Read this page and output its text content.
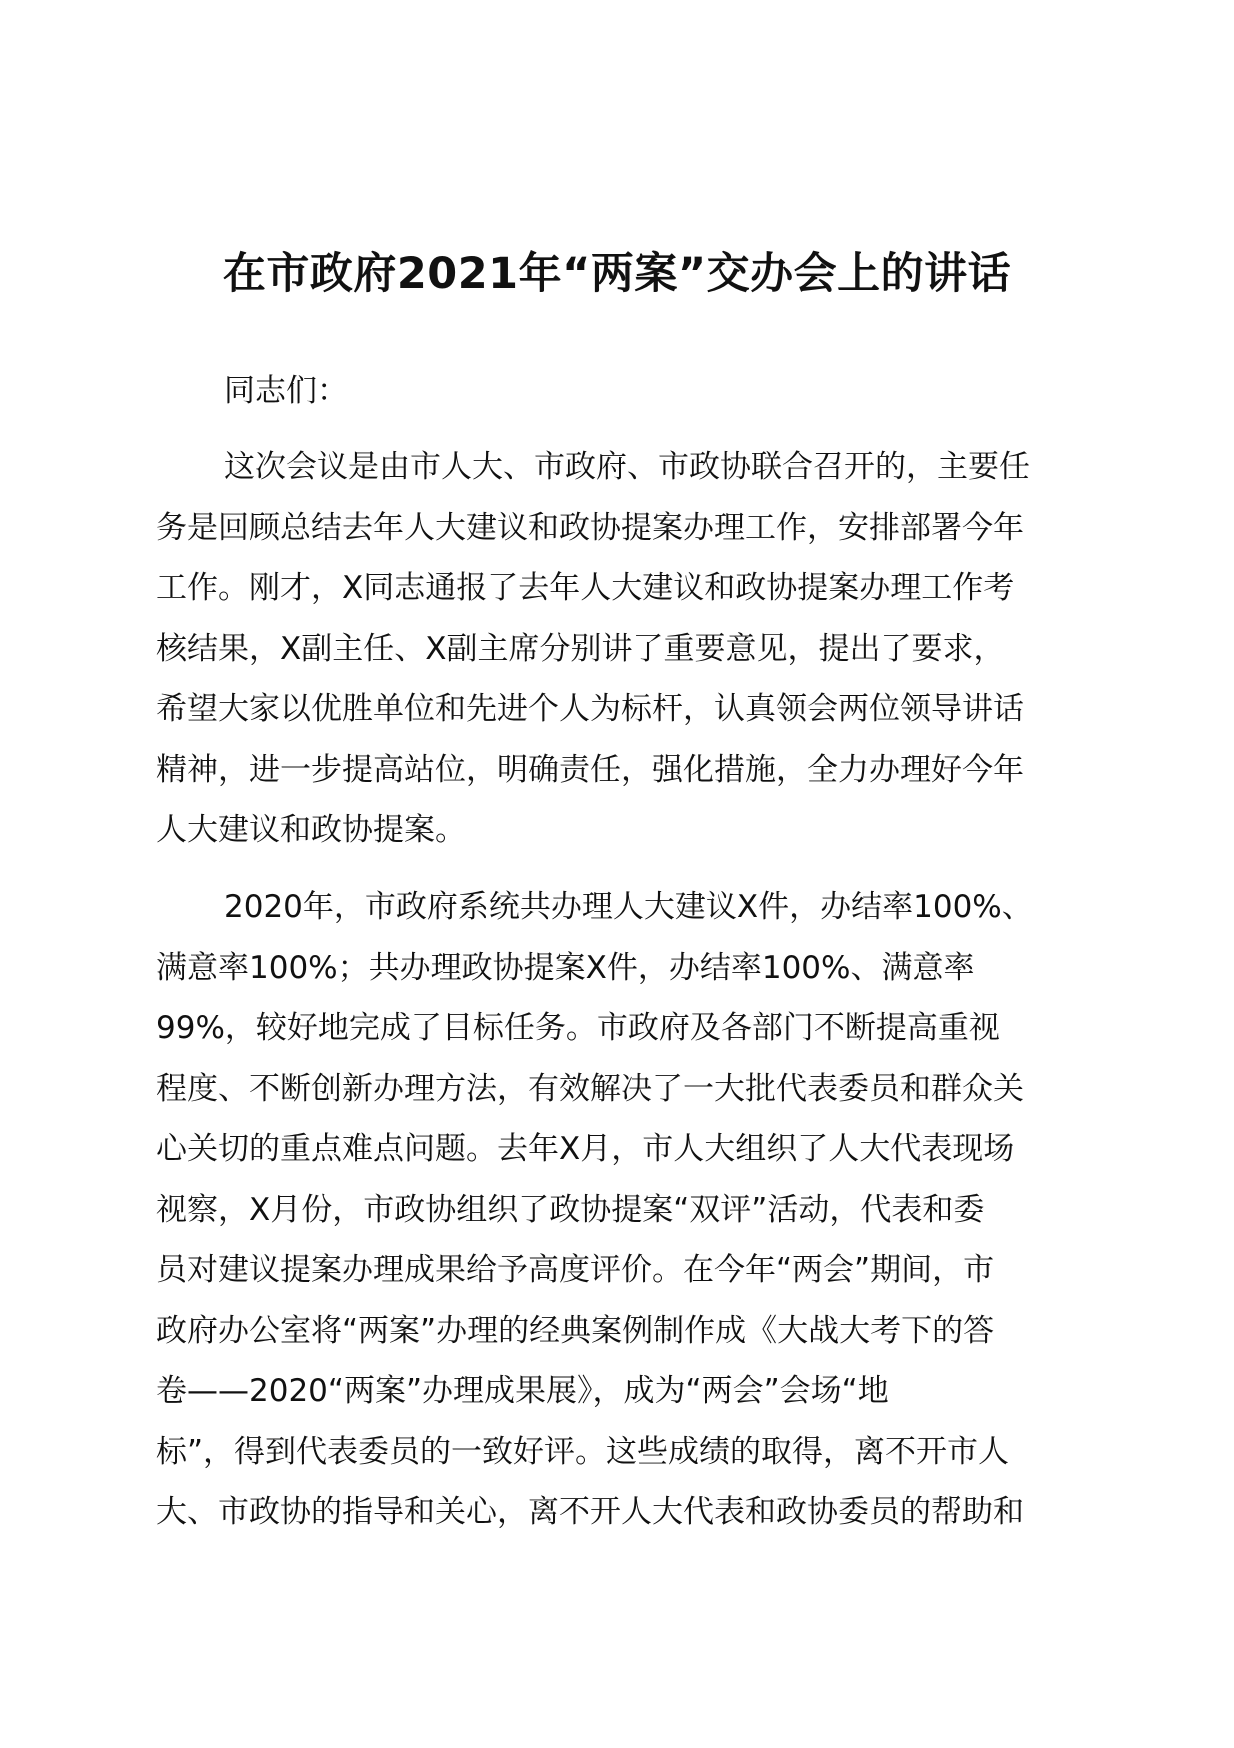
在市政府2021年“两案”交办会上的讲话

同志们：

这次会议是由市人大、市政府、市政协联合召开的，主要任
务是回顾总结去年人大建议和政协提案办理工作，安排部署今年
工作。刚才，X同志通报了去年人大建议和政协提案办理工作考
核结果，X副主任、X副主席分别讲了重要意见，提出了要求，
希望大家以优胜单位和先进个人为标杆，认真领会两位领导讲话
精神，进一步提高站位，明确责任，强化措施，全力办理好今年
人大建议和政协提案。

2020年，市政府系统共办理人大建议X件，办结率100%、
满意率100%；共办理政协提案X件，办结率100%、满意率
99%，较好地完成了目标任务。市政府及各部门不断提高重视
程度、不断创新办理方法，有效解决了一大批代表委员和群众关
心关切的重点难点问题。去年X月，市人大组织了人大代表现场
视察，X月份，市政协组织了政协提案“双评”活动，代表和委
员对建议提案办理成果给予高度评价。在今年“两会”期间，市
政府办公室将“两案”办理的经典案例制作成《大战大考下的答
卷——2020“两案”办理成果展》，成为“两会”会场“地
标”，得到代表委员的一致好评。这些成绩的取得，离不开市人
大、市政协的指导和关心，离不开人大代表和政协委员的帮助和
